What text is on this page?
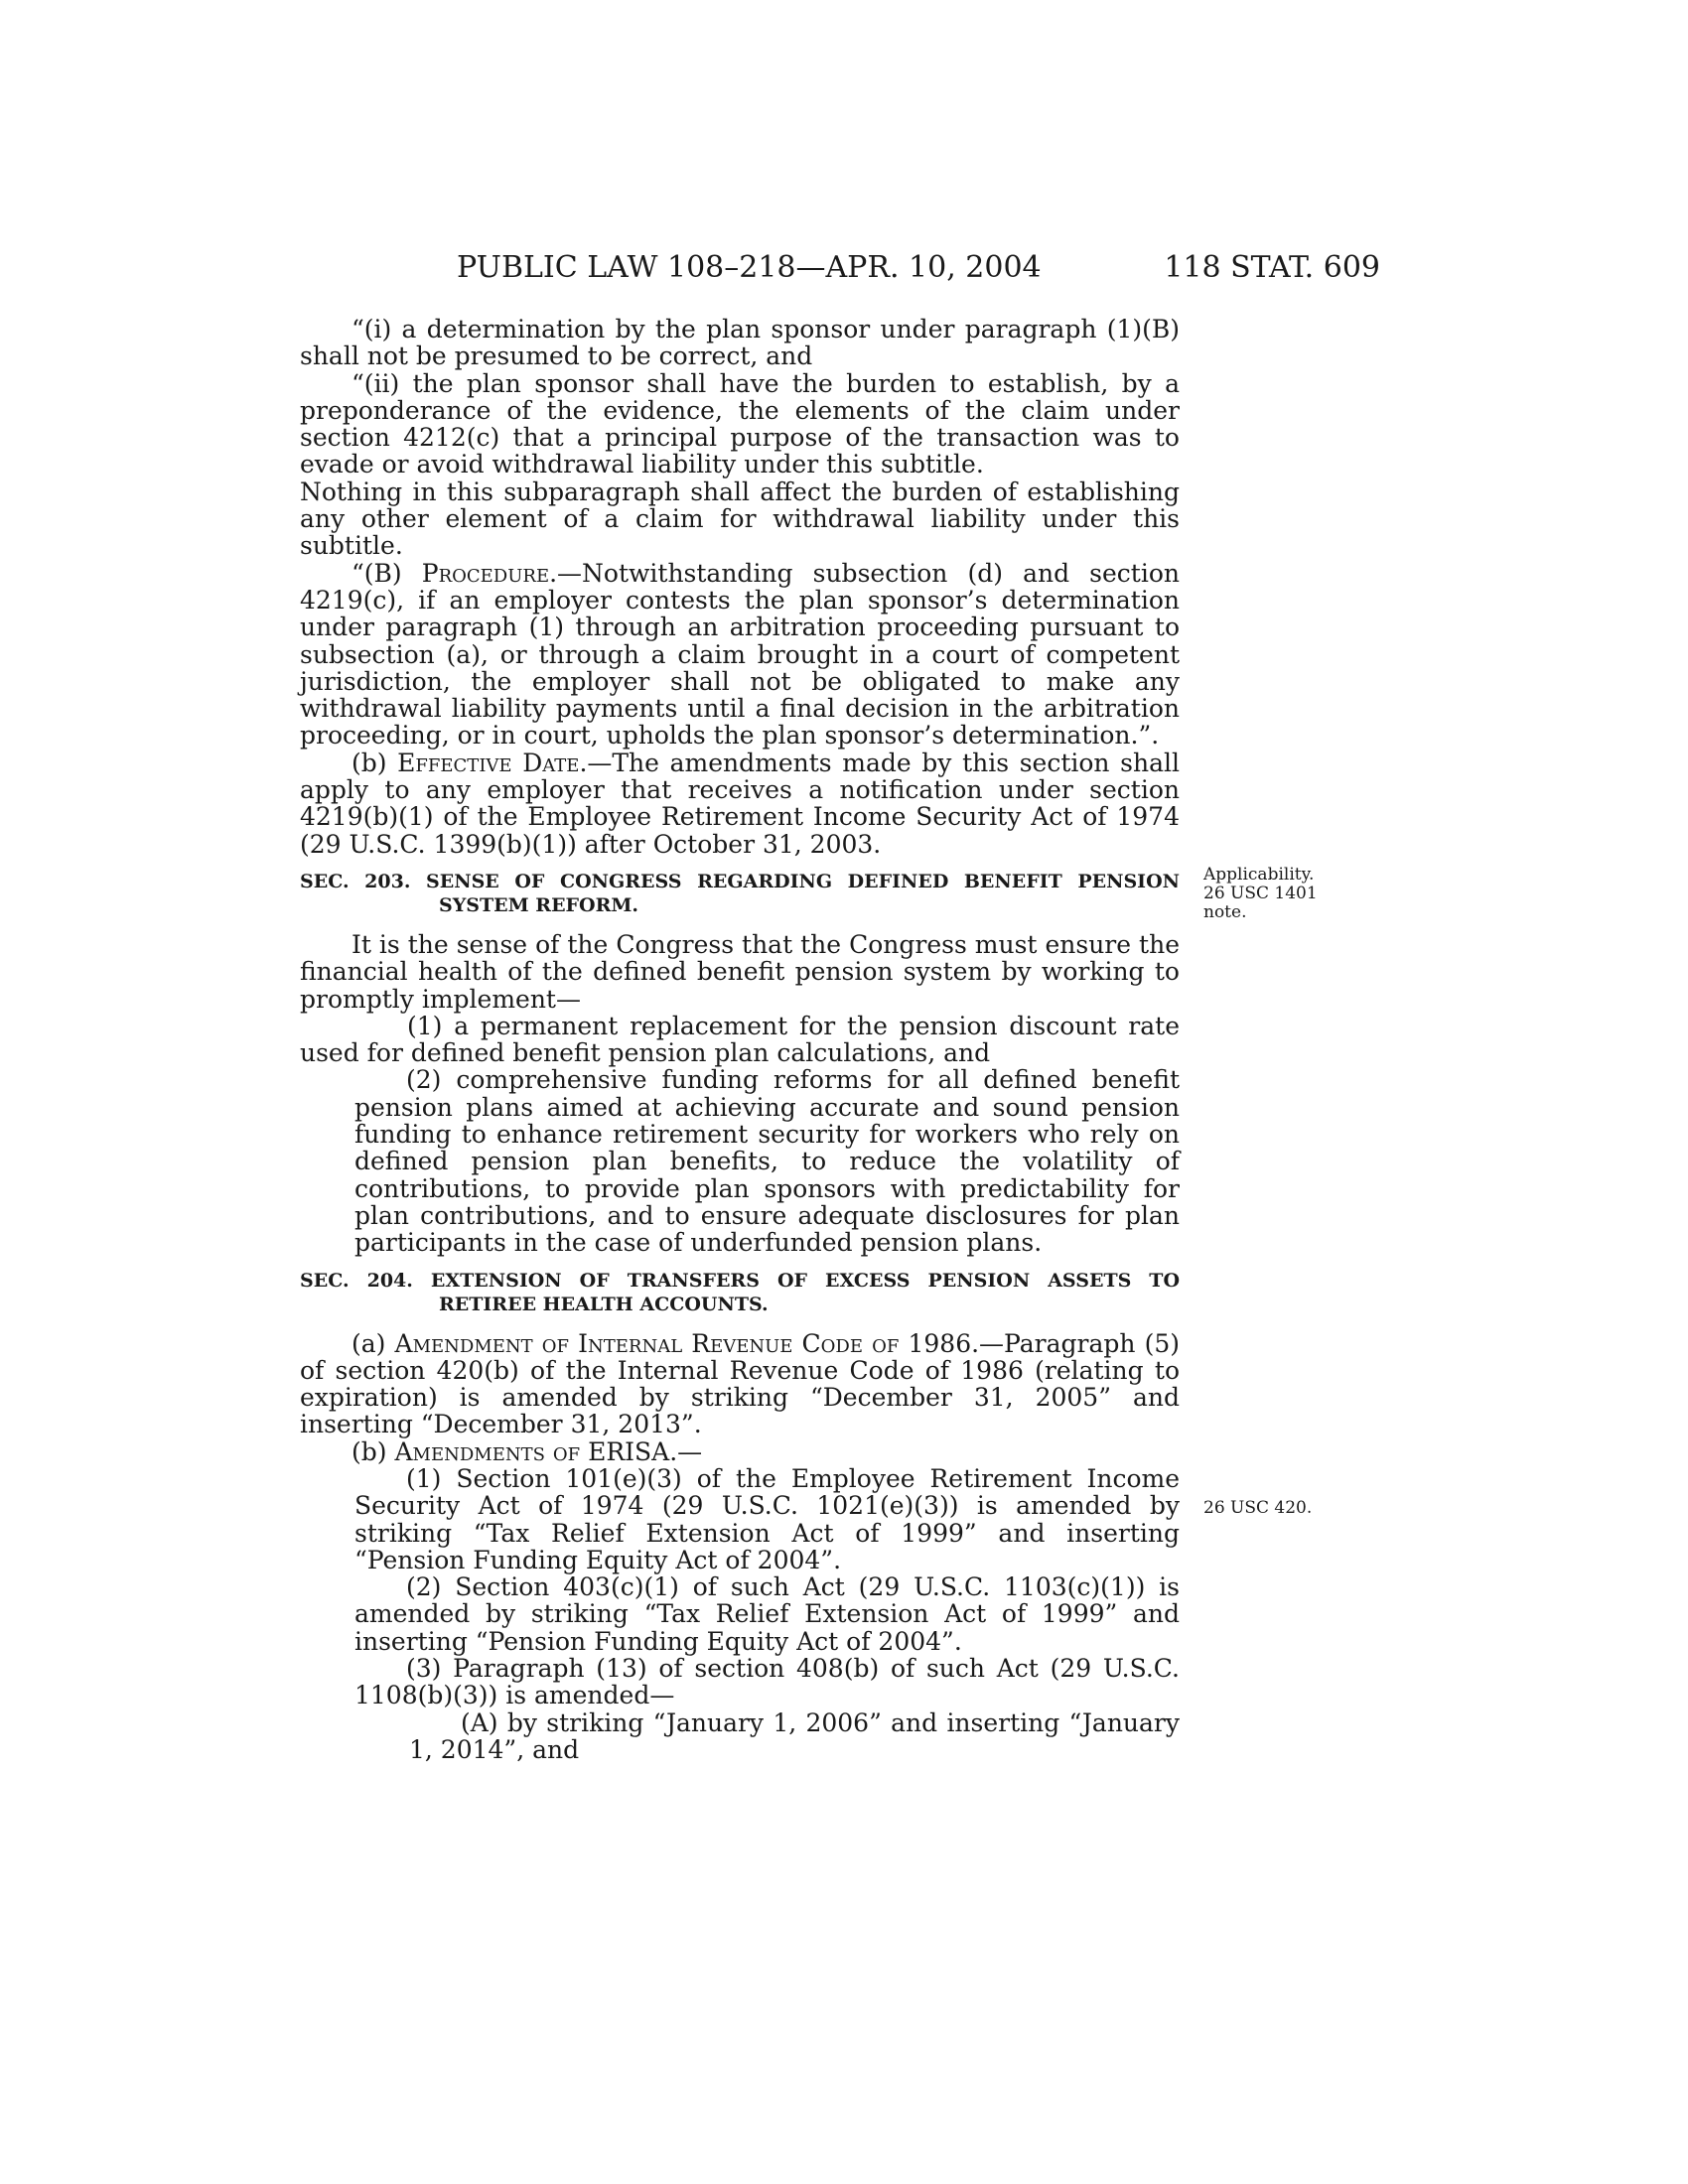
PUBLIC LAW 108–218—APR. 10, 2004	118 STAT. 609

“(i) a determination by the plan sponsor under paragraph (1)(B) shall not be presumed to be correct, and

“(ii) the plan sponsor shall have the burden to establish, by a preponderance of the evidence, the elements of the claim under section 4212(c) that a principal purpose of the transaction was to evade or avoid withdrawal liability under this subtitle.

Nothing in this subparagraph shall affect the burden of establishing any other element of a claim for withdrawal liability under this subtitle.

“(B) Procedure.—Notwithstanding subsection (d) and section 4219(c), if an employer contests the plan sponsor’s determination under paragraph (1) through an arbitration proceeding pursuant to subsection (a), or through a claim brought in a court of competent jurisdiction, the employer shall not be obligated to make any withdrawal liability payments until a final decision in the arbitration proceeding, or in court, upholds the plan sponsor’s determination.”.

(b) Effective Date.—The amendments made by this section shall apply to any employer that receives a notification under section 4219(b)(1) of the Employee Retirement Income Security Act of 1974 (29 U.S.C. 1399(b)(1)) after October 31, 2003.

SEC. 203. SENSE OF CONGRESS REGARDING DEFINED BENEFIT PENSION SYSTEM REFORM.

It is the sense of the Congress that the Congress must ensure the financial health of the defined benefit pension system by working to promptly implement—

(1) a permanent replacement for the pension discount rate used for defined benefit pension plan calculations, and

(2) comprehensive funding reforms for all defined benefit pension plans aimed at achieving accurate and sound pension funding to enhance retirement security for workers who rely on defined pension plan benefits, to reduce the volatility of contributions, to provide plan sponsors with predictability for plan contributions, and to ensure adequate disclosures for plan participants in the case of underfunded pension plans.

SEC. 204. EXTENSION OF TRANSFERS OF EXCESS PENSION ASSETS TO RETIREE HEALTH ACCOUNTS.

(a) Amendment of Internal Revenue Code of 1986.—Paragraph (5) of section 420(b) of the Internal Revenue Code of 1986 (relating to expiration) is amended by striking “December 31, 2005” and inserting “December 31, 2013”.

(b) Amendments of ERISA.—

(1) Section 101(e)(3) of the Employee Retirement Income Security Act of 1974 (29 U.S.C. 1021(e)(3)) is amended by striking “Tax Relief Extension Act of 1999” and inserting “Pension Funding Equity Act of 2004”.

(2) Section 403(c)(1) of such Act (29 U.S.C. 1103(c)(1)) is amended by striking “Tax Relief Extension Act of 1999” and inserting “Pension Funding Equity Act of 2004”.

(3) Paragraph (13) of section 408(b) of such Act (29 U.S.C. 1108(b)(3)) is amended—

(A) by striking “January 1, 2006” and inserting “January 1, 2014”, and

Applicability.
26 USC 1401
note.
26 USC 420.
